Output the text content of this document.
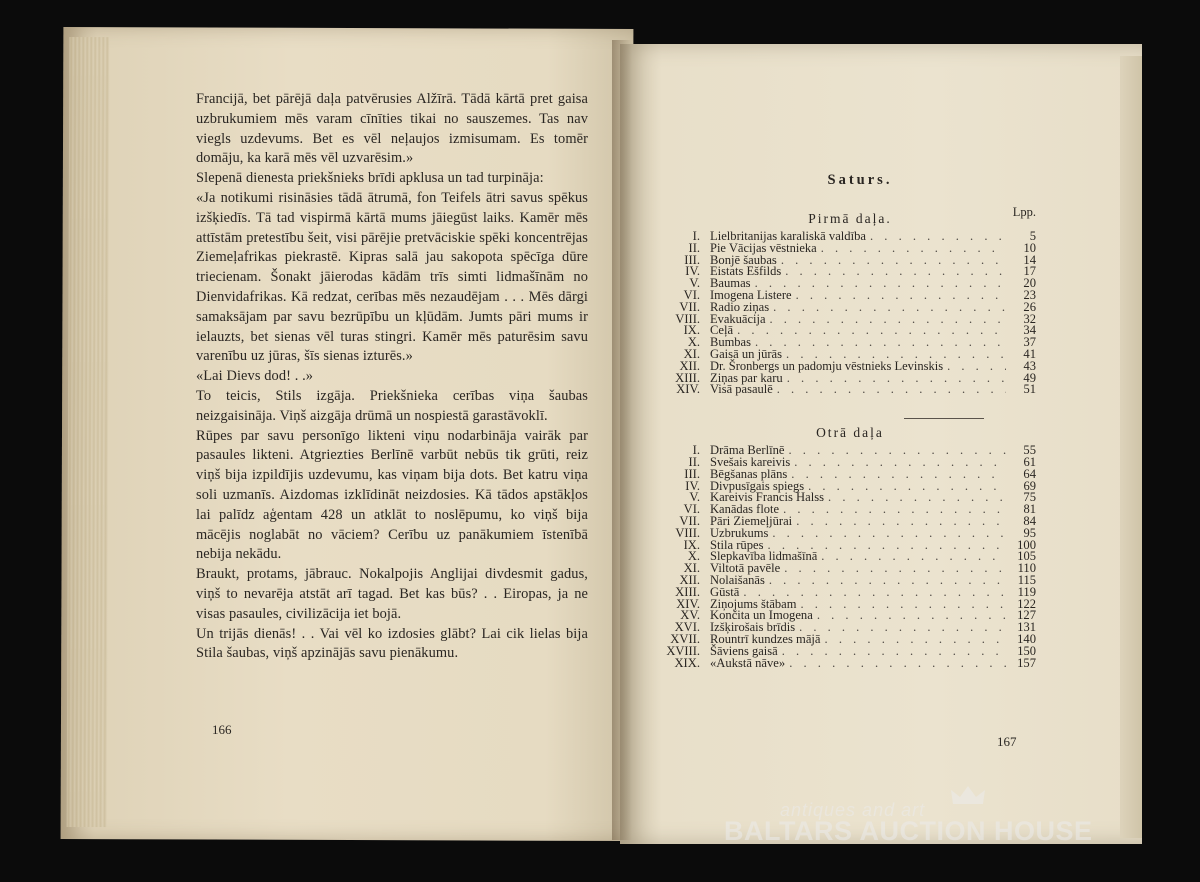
Francijā, bet pārējā daļa patvērusies Alžīrā. Tādā kārtā pret gaisa uzbrukumiem mēs varam cīnīties tikai no sauszemes. Tas nav viegls uzdevums. Bet es vēl neļaujos izmisumam. Es tomēr domāju, ka karā mēs vēl uzvarēsim.»

Slepenā dienesta priekšnieks brīdi apklusa un tad turpināja:

«Ja notikumi risināsies tādā ātrumā, fon Teifels ātri savus spēkus izšķiedīs. Tā tad vispirmā kārtā mums jāiegūst laiks. Kamēr mēs attīstām pretestību šeit, visi pārējie pretvāciskie spēki koncentrējas Ziemeļafrikas piekrastē. Kipras salā jau sakopota spēcīga dūre triecienam. Šonakt jāierodas kādām trīs simti lidmašīnām no Dienvidafrikas. Kā redzat, cerības mēs nezaudējam . . . Mēs dārgi samaksājam par savu bezrūpību un kļūdām. Jumts pāri mums ir ielauzts, bet sienas vēl turas stingri. Kamēr mēs paturēsim savu varenību uz jūras, šīs sienas izturēs.»

«Lai Dievs dod! . .»

To teicis, Stils izgāja. Priekšnieka cerības viņa šaubas neizgaisināja. Viņš aizgāja drūmā un nospiestā garastāvoklī.

Rūpes par savu personīgo likteni viņu nodarbināja vairāk par pasaules likteni. Atgriezties Berlīnē varbūt nebūs tik grūti, reiz viņš bija izpildījis uzdevumu, kas viņam bija dots. Bet katru viņa soli uzmanīs. Aizdomas izklīdināt neizdosies. Kā tādos apstākļos lai palīdz aģentam 428 un atklāt to noslēpumu, ko viņš bija mācējis noglabāt no vāciem? Cerību uz panākumiem īstenībā nebija nekādu.

Braukt, protams, jābrauc. Nokalpojis Anglijai divdesmit gadus, viņš to nevarēja atstāt arī tagad. Bet kas būs? . . Eiropas, ja ne visas pasaules, civilizācija iet bojā.

Un trijās dienās! . . Vai vēl ko izdosies glābt? Lai cik lielas bija Stila šaubas, viņš apzinājās savu pienākumu.

166
Saturs.
Pirmā daļa.	Lpp.
I. Lielbritanijas karaliskā valdība . . .	5
II. Pie Vācijas vēstnieka . . .	10
III. Bonjē šaubas . . .	14
IV. Eistats Ešfilds . . .	17
V. Baumas . . .	20
VI. Imogena Listere . . .	23
VII. Radio ziņas . . .	26
VIII. Evakuācija . . .	32
IX. Ceļā . . .	34
X. Bumbas . . .	37
XI. Gaisā un jūrās . . .	41
XII. Dr. Šronbergs un padomju vēstnieks Levinskis . . .	43
XIII. Ziņas par karu . . .	49
XIV. Visā pasaulē . . .	51
Otrā daļa
I. Drāma Berlīnē . . .	55
II. Svešais kareivis . . .	61
III. Bēgšanas plāns . . .	64
IV. Divpusīgais spiegs . . .	69
V. Kareivis Francis Halss . . .	75
VI. Kanādas flote . . .	81
VII. Pāri Ziemeļjūrai . . .	84
VIII. Uzbrukums . . .	95
IX. Stila rūpes . . .	100
X. Slepkavība lidmašīnā . . .	105
XI. Viltotā pavēle . . .	110
XII. Nolaišanās . . .	115
XIII. Gūstā . . .	119
XIV. Ziņojums štābam . . .	122
XV. Končita un Imogena . . .	127
XVI. Izšķirošais brīdis . . .	131
XVII. Rountrī kundzes mājā . . .	140
XVIII. Šāviens gaisā . . .	150
XIX. «Aukstā nāve» . . .	157
167
antiques and art
BALTARS AUCTION HOUSE
